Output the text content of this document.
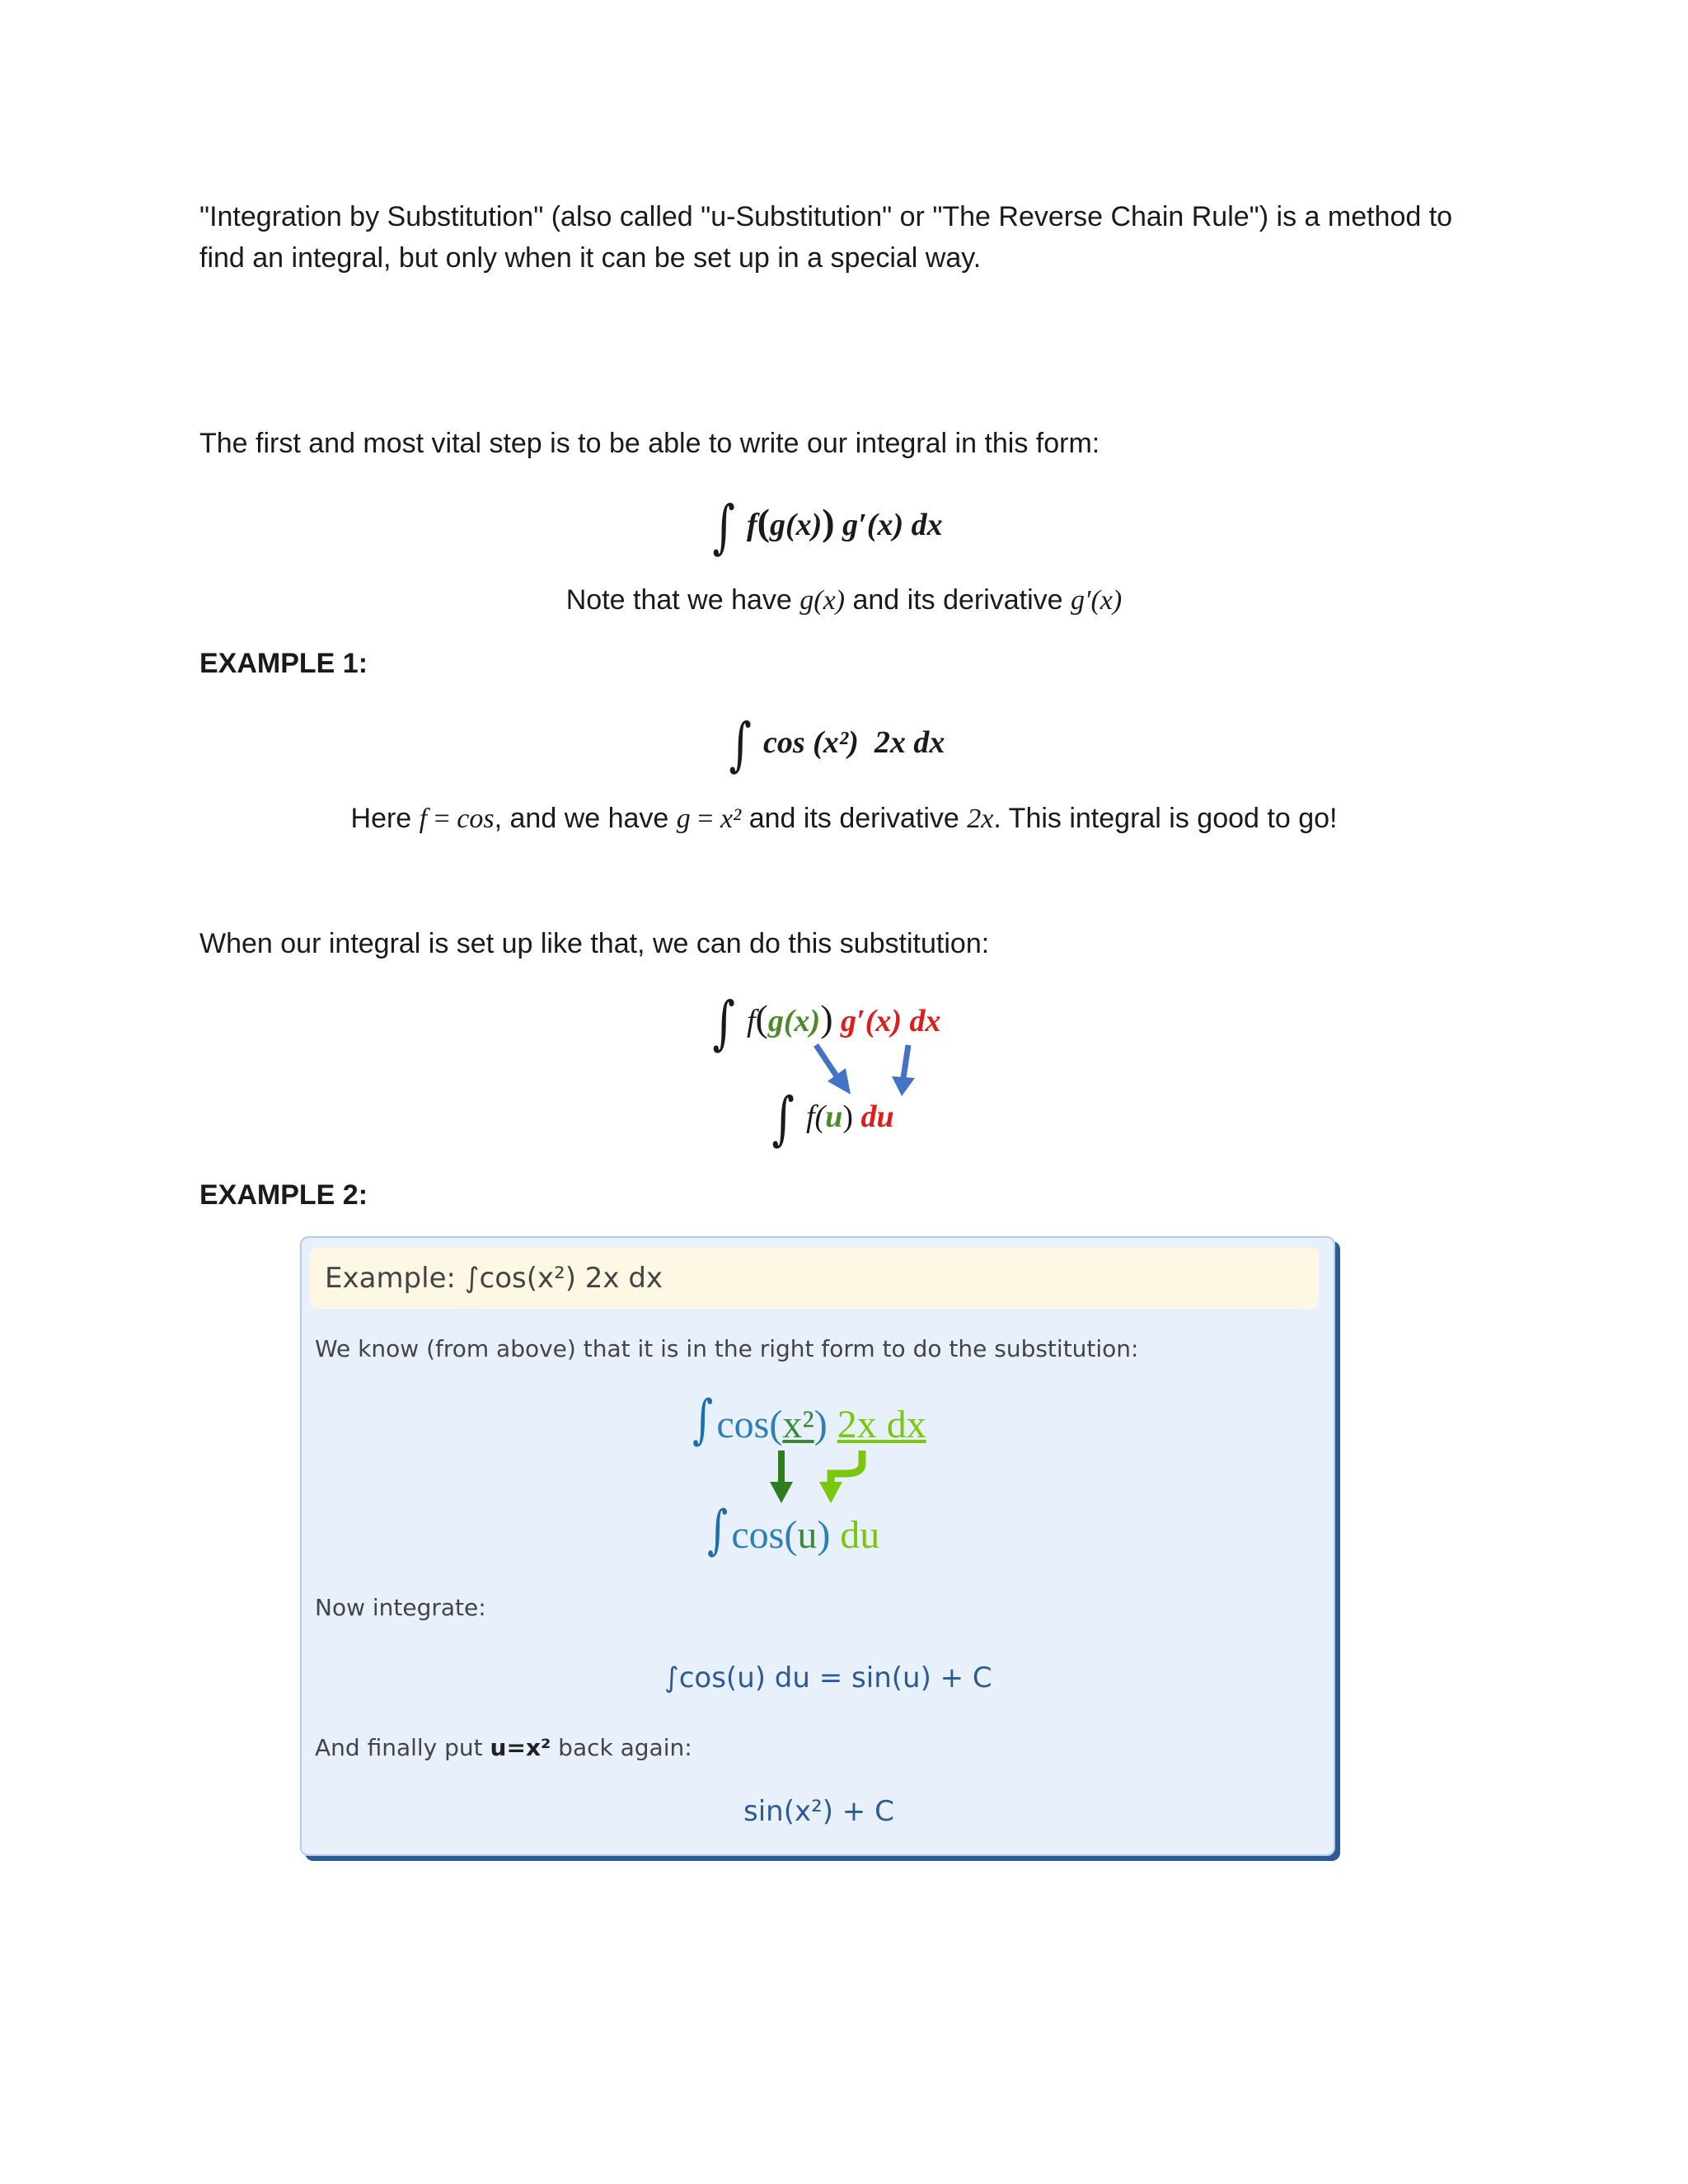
"Integration by Substitution" (also called "u-Substitution" or "The Reverse Chain Rule") is a method to
find an integral, but only when it can be set up in a special way.
The first and most vital step is to be able to write our integral in this form:
∫ f(g(x)) g′(x) dx
Note that we have g(x) and its derivative g′(x)
EXAMPLE 1:
∫ cos (x²)  2x dx
Here f = cos, and we have g = x² and its derivative 2x. This integral is good to go!
When our integral is set up like that, we can do this substitution:
∫ f(g(x)) g′(x) dx
∫ f(u) du
EXAMPLE 2:
Example: ∫cos(x²) 2x dx
We know (from above) that it is in the right form to do the substitution:
∫cos(x²) 2x dx
∫cos(u) du
Now integrate:
∫cos(u) du = sin(u) + C
And finally put u=x² back again:
sin(x²) + C
